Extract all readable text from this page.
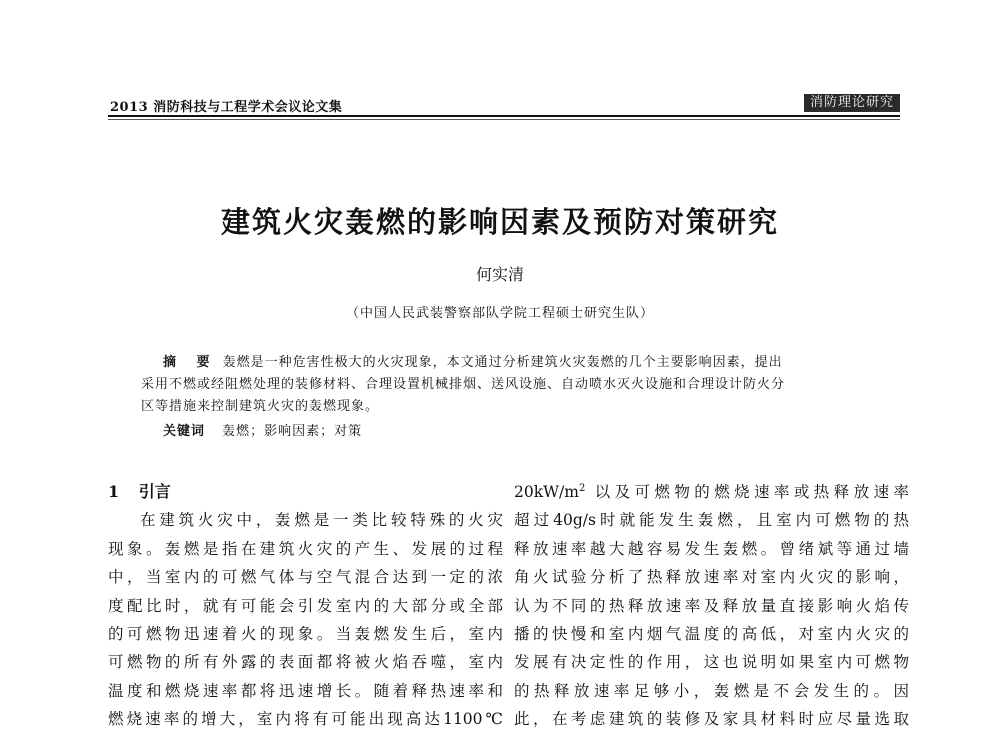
2013 消防科技与工程学术会议论文集	消防理论研究
建筑火灾轰燃的影响因素及预防对策研究
何实清
（中国人民武装警察部队学院工程硕士研究生队）

摘 要 轰燃是一种危害性极大的火灾现象，本文通过分析建筑火灾轰燃的几个主要影响因素，提出

采用不燃或经阻燃处理的装修材料、合理设置机械排烟、送风设施、自动喷水灭火设施和合理设计防火分

区等措施来控制建筑火灾的轰燃现象。

关键词 轰燃；影响因素；对策

1 引言

在建筑火灾中，轰燃是一类比较特殊的火灾

现象。轰燃是指在建筑火灾的产生、发展的过程

中，当室内的可燃气体与空气混合达到一定的浓

度配比时，就有可能会引发室内的大部分或全部

的可燃物迅速着火的现象。当轰燃发生后，室内

可燃物的所有外露的表面都将被火焰吞噬，室内

温度和燃烧速率都将迅速增长。随着释热速率和

燃烧速率的增大，室内将有可能出现高达1100℃

$20kW/m^2$ 以及可燃物的燃烧速率或热释放速率

超过40g/s时就能发生轰燃，且室内可燃物的热

释放速率越大越容易发生轰燃。曾绪斌等通过墙

角火试验分析了热释放速率对室内火灾的影响，

认为不同的热释放速率及释放量直接影响火焰传

播的快慢和室内烟气温度的高低，对室内火灾的

发展有决定性的作用，这也说明如果室内可燃物

的热释放速率足够小，轰燃是不会发生的。因

此，在考虑建筑的装修及家具材料时应尽量选取
